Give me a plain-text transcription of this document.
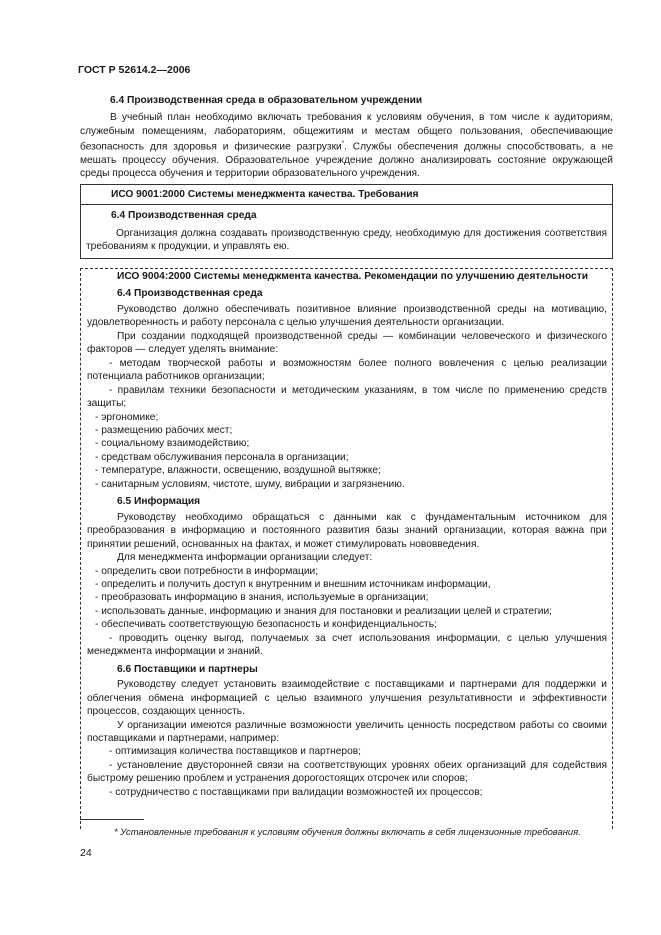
ГОСТ Р 52614.2—2006

6.4 Производственная среда в образовательном учреждении

В учебный план необходимо включать требования к условиям обучения, в том числе к аудиториям, служебным помещениям, лабораториям, общежитиям и местам общего пользования, обеспечивающие безопасность для здоровья и физические разгрузки*. Службы обеспечения должны способствовать, а не мешать процессу обучения. Образовательное учреждение должно анализировать состояние окружающей среды процесса обучения и территории образовательного учреждения.

ИСО 9001:2000 Системы менеджмента качества. Требования
6.4 Производственная среда
Организация должна создавать производственную среду, необходимую для достижения соответствия требованиям к продукции, и управлять ею.

ИСО 9004:2000 Системы менеджмента качества. Рекомендации по улучшению деятельности

6.4 Производственная среда

Руководство должно обеспечивать позитивное влияние производственной среды на мотивацию, удовлетворенность и работу персонала с целью улучшения деятельности организации.

При создании подходящей производственной среды — комбинации человеческого и физического факторов — следует уделять внимание:

- методам творческой работы и возможностям более полного вовлечения с целью реализации потенциала работников организации;

- правилам техники безопасности и методическим указаниям, в том числе по применению средств защиты;

- эргономике;

- размещению рабочих мест;

- социальному взаимодействию;

- средствам обслуживания персонала в организации;

- температуре, влажности, освещению, воздушной вытяжке;

- санитарным условиям, чистоте, шуму, вибрации и загрязнению.

6.5 Информация

Руководству необходимо обращаться с данными как с фундаментальным источником для преобразования в информацию и постоянного развития базы знаний организации, которая важна при принятии решений, основанных на фактах, и может стимулировать нововведения.

Для менеджмента информации организации следует:

- определить свои потребности в информации;

- определить и получить доступ к внутренним и внешним источникам информации,

- преобразовать информацию в знания, используемые в организации;

- использовать данные, информацию и знания для постановки и реализации целей и стратегии;

- обеспечивать соответствующую безопасность и конфиденциальность;

- проводить оценку выгод, получаемых за счет использования информации, с целью улучшения менеджмента информации и знаний.

6.6 Поставщики и партнеры

Руководству следует установить взаимодействие с поставщиками и партнерами для поддержки и облегчения обмена информацией с целью взаимного улучшения результативности и эффективности процессов, создающих ценность.

У организации имеются различные возможности увеличить ценность посредством работы со своими поставщиками и партнерами, например:

- оптимизация количества поставщиков и партнеров;

- установление двусторонней связи на соответствующих уровнях обеих организаций для содействия быстрому решению проблем и устранения дорогостоящих отсрочек или споров;

- сотрудничество с поставщиками при валидации возможностей их процессов;

* Установленные требования к условиям обучения должны включать в себя лицензионные требования.
24
